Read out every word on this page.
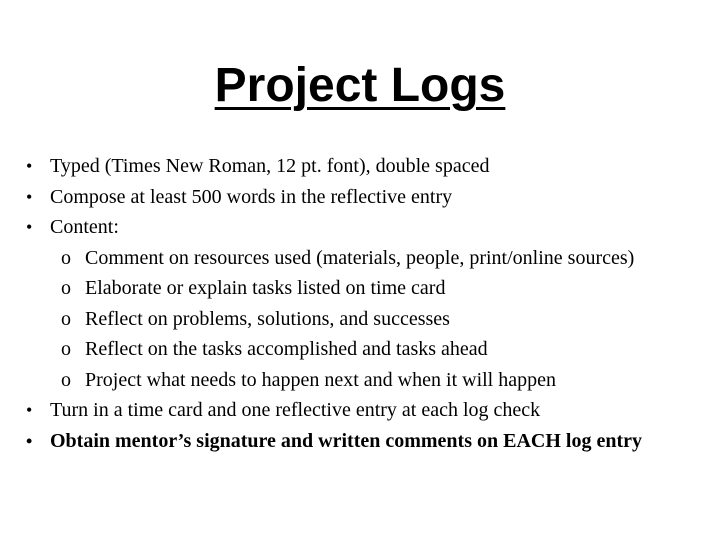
Project Logs
• Typed (Times New Roman, 12 pt. font), double spaced
• Compose at least 500 words in the reflective entry
• Content:
o Comment on resources used (materials, people, print/online sources)
o Elaborate or explain tasks listed on time card
o Reflect on problems, solutions, and successes
o Reflect on the tasks accomplished and tasks ahead
o Project what needs to happen next and when it will happen
• Turn in a time card and one reflective entry at each log check
• Obtain mentor’s signature and written comments on EACH log entry
